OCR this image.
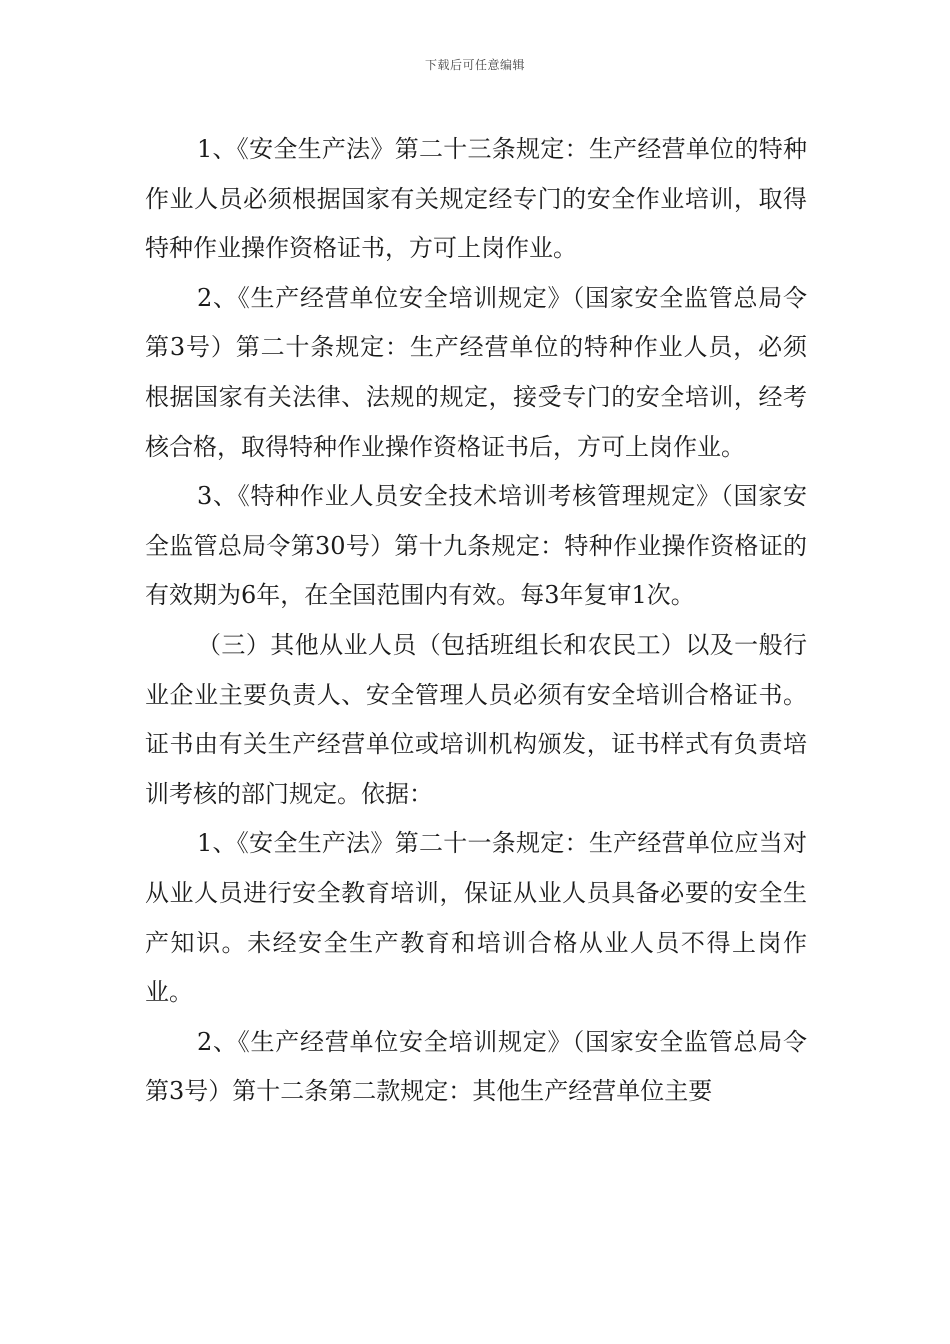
下载后可任意编辑

1、《安全生产法》第二十三条规定：生产经营单位的特种作业人员必须根据国家有关规定经专门的安全作业培训，取得特种作业操作资格证书，方可上岗作业。

2、《生产经营单位安全培训规定》（国家安全监管总局令第3号）第二十条规定：生产经营单位的特种作业人员，必须根据国家有关法律、法规的规定，接受专门的安全培训，经考核合格，取得特种作业操作资格证书后，方可上岗作业。

3、《特种作业人员安全技术培训考核管理规定》（国家安全监管总局令第30号）第十九条规定：特种作业操作资格证的有效期为6年，在全国范围内有效。每3年复审1次。

（三）其他从业人员（包括班组长和农民工）以及一般行业企业主要负责人、安全管理人员必须有安全培训合格证书。证书由有关生产经营单位或培训机构颁发，证书样式有负责培训考核的部门规定。依据：

1、《安全生产法》第二十一条规定：生产经营单位应当对从业人员进行安全教育培训，保证从业人员具备必要的安全生产知识。未经安全生产教育和培训合格从业人员不得上岗作业。

2、《生产经营单位安全培训规定》（国家安全监管总局令第3号）第十二条第二款规定：其他生产经营单位主要
